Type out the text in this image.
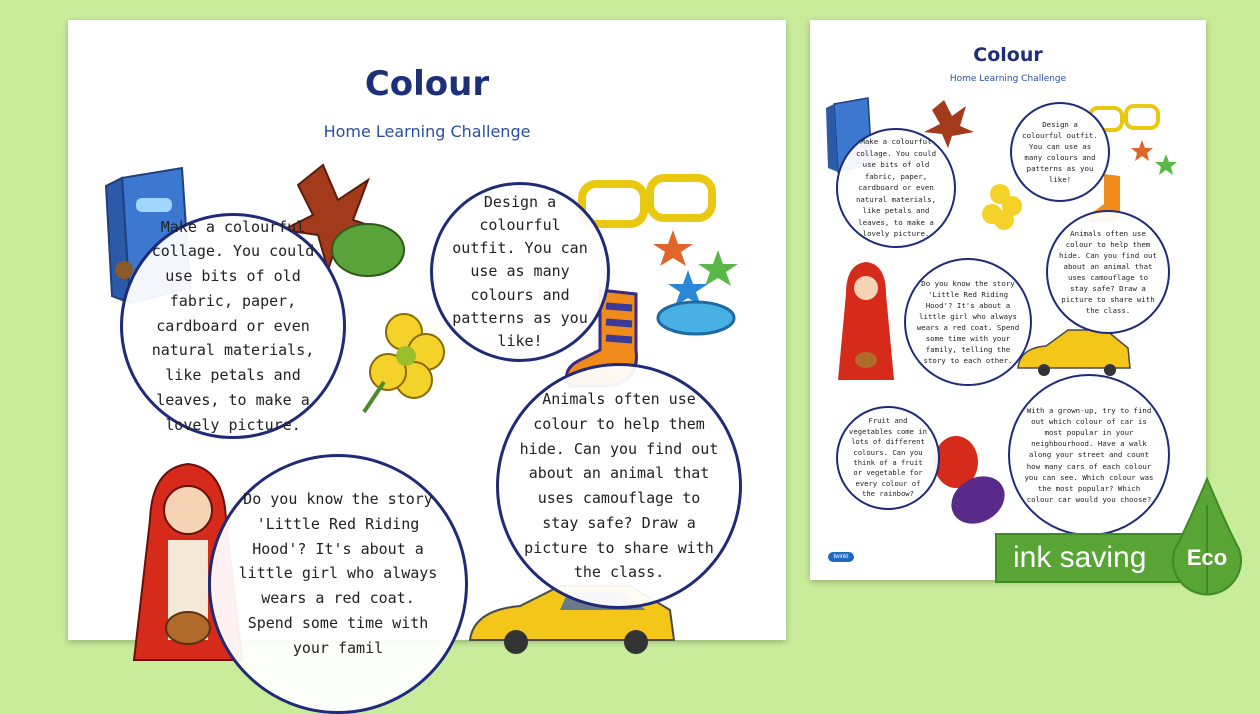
Colour
Home Learning Challenge
Make a colourful collage. You could use bits of old fabric, paper, cardboard or even natural materials, like petals and leaves, to make a lovely picture.
Design a colourful outfit. You can use as many colours and patterns as you like!
Animals often use colour to help them hide. Can you find out about an animal that uses camouflage to stay safe? Draw a picture to share with the class.
Do you know the story 'Little Red Riding Hood'? It's about a little girl who always wears a red coat. Spend some time with your famil
Colour
Home Learning Challenge
Make a colourful collage. You could use bits of old fabric, paper, cardboard or even natural materials, like petals and leaves, to make a lovely picture.
Design a colourful outfit. You can use as many colours and patterns as you like!
Animals often use colour to help them hide. Can you find out about an animal that uses camouflage to stay safe? Draw a picture to share with the class.
Do you know the story 'Little Red Riding Hood'? It's about a little girl who always wears a red coat. Spend some time with your family, telling the story to each other.
With a grown-up, try to find out which colour of car is most popular in your neighbourhood. Have a walk along your street and count how many cars of each colour you can see. Which colour was the most popular? Which colour car would you choose?
Fruit and vegetables come in lots of different colours. Can you think of a fruit or vegetable for every colour of the rainbow?
twinkl	ink saving	Eco
